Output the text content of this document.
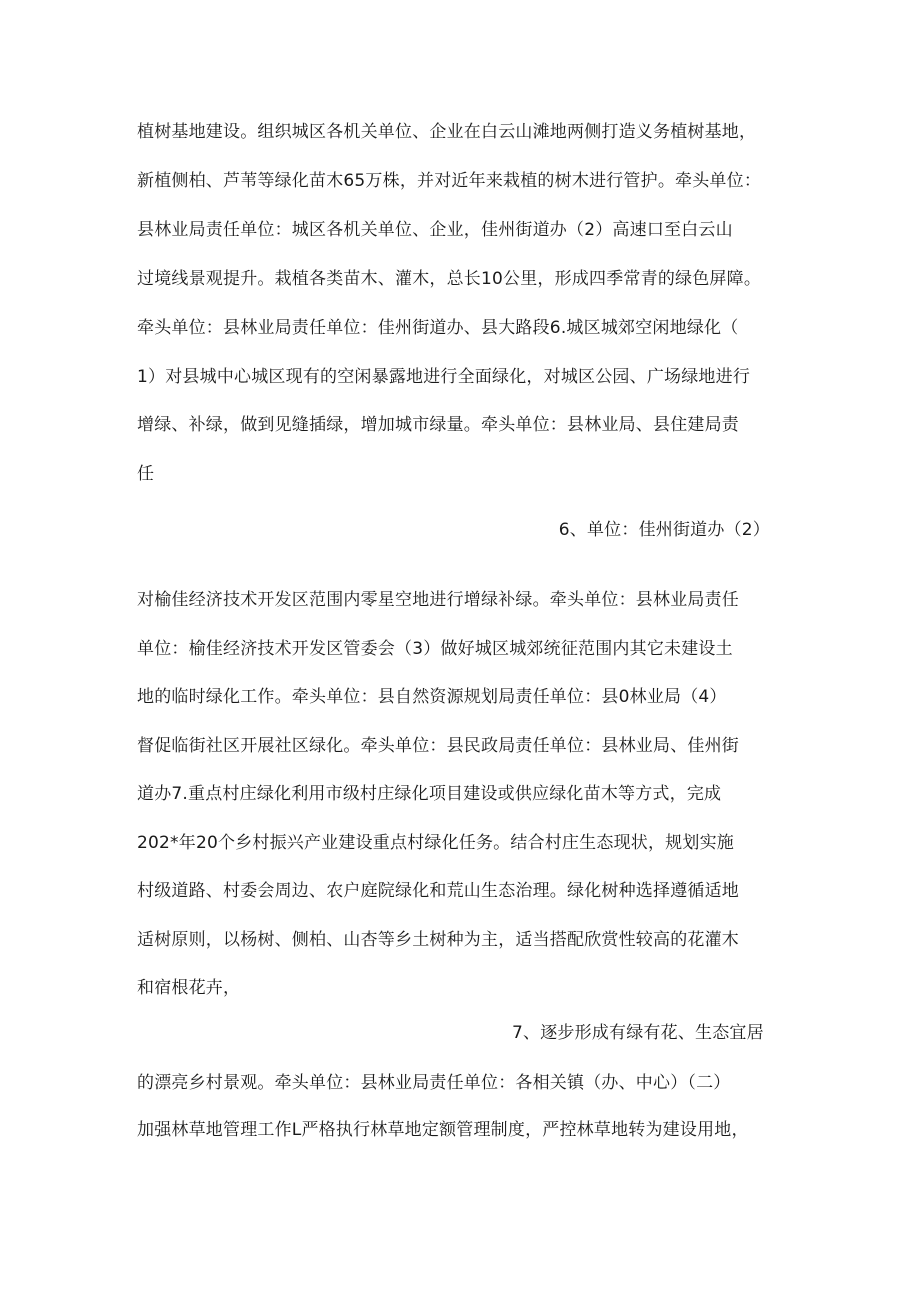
植树基地建设。组织城区各机关单位、企业在白云山滩地两侧打造义务植树基地，
新植侧柏、芦苇等绿化苗木65万株，并对近年来栽植的树木进行管护。牵头单位：
县林业局责任单位：城区各机关单位、企业，佳州街道办（2）高速口至白云山
过境线景观提升。栽植各类苗木、灌木，总长10公里，形成四季常青的绿色屏障。
牵头单位：县林业局责任单位：佳州街道办、县大路段6.城区城郊空闲地绿化（
1）对县城中心城区现有的空闲暴露地进行全面绿化，对城区公园、广场绿地进行
增绿、补绿，做到见缝插绿，增加城市绿量。牵头单位：县林业局、县住建局责
任
6、单位：佳州街道办（2）
对榆佳经济技术开发区范围内零星空地进行增绿补绿。牵头单位：县林业局责任
单位：榆佳经济技术开发区管委会（3）做好城区城郊统征范围内其它未建设土
地的临时绿化工作。牵头单位：县自然资源规划局责任单位：县0林业局（4）
督促临街社区开展社区绿化。牵头单位：县民政局责任单位：县林业局、佳州街
道办7.重点村庄绿化利用市级村庄绿化项目建设或供应绿化苗木等方式，完成
202*年20个乡村振兴产业建设重点村绿化任务。结合村庄生态现状，规划实施
村级道路、村委会周边、农户庭院绿化和荒山生态治理。绿化树种选择遵循适地
适树原则，以杨树、侧柏、山杏等乡土树种为主，适当搭配欣赏性较高的花灌木
和宿根花卉，
7、逐步形成有绿有花、生态宜居
的漂亮乡村景观。牵头单位：县林业局责任单位：各相关镇（办、中心）（二）
加强林草地管理工作L严格执行林草地定额管理制度，严控林草地转为建设用地，
